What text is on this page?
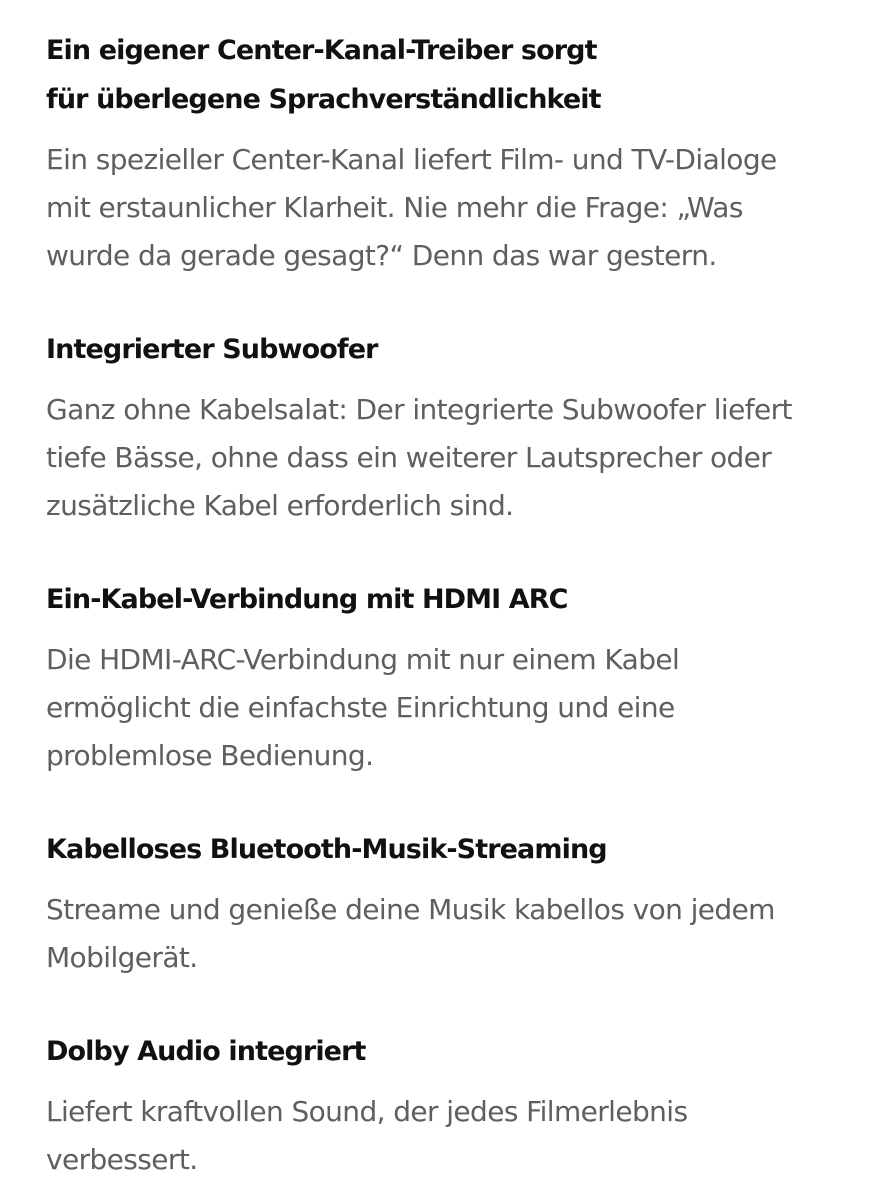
Ein eigener Center-Kanal-Treiber sorgt
für überlegene Sprachverständlichkeit

Ein spezieller Center-Kanal liefert Film- und TV-Dialoge
mit erstaunlicher Klarheit. Nie mehr die Frage: „Was
wurde da gerade gesagt?“ Denn das war gestern.

Integrierter Subwoofer

Ganz ohne Kabelsalat: Der integrierte Subwoofer liefert
tiefe Bässe, ohne dass ein weiterer Lautsprecher oder
zusätzliche Kabel erforderlich sind.

Ein-Kabel-Verbindung mit HDMI ARC

Die HDMI-ARC-Verbindung mit nur einem Kabel
ermöglicht die einfachste Einrichtung und eine
problemlose Bedienung.

Kabelloses Bluetooth-Musik-Streaming

Streame und genieße deine Musik kabellos von jedem
Mobilgerät.

Dolby Audio integriert

Liefert kraftvollen Sound, der jedes Filmerlebnis
verbessert.
